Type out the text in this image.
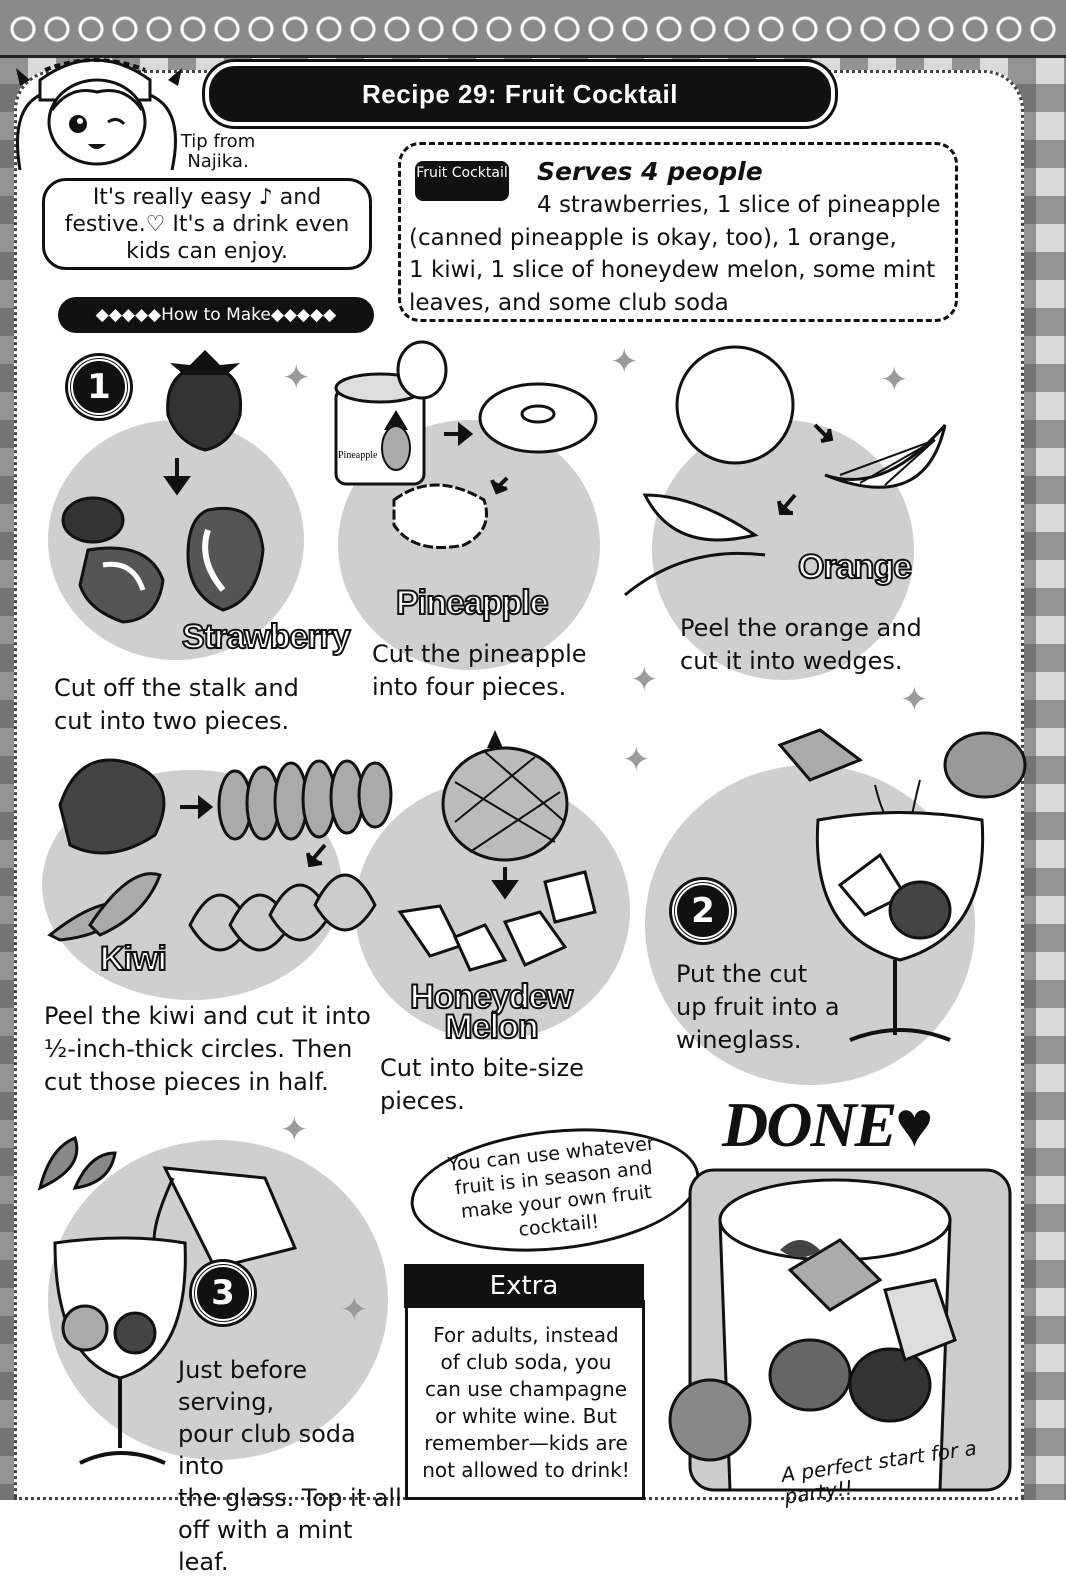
Recipe 29: Fruit Cocktail
Tip from Najika.
It's really easy ♪ and festive.♡ It's a drink even kids can enjoy.
◆◆◆◆◆How to Make◆◆◆◆◆
Fruit Cocktail Serves 4 people
4 strawberries, 1 slice of pineapple
(canned pineapple is okay, too), 1 orange,
1 kiwi, 1 slice of honeydew melon, some mint
leaves, and some club soda
✦	✦	✦
✦	✦
✦
✦
✦
1
Strawberry
Cut off the stalk and
cut into two pieces.
Pineapple
Pineapple
Cut the pineapple
into four pieces.
Orange
Peel the orange and
cut it into wedges.
Kiwi
Peel the kiwi and cut it into
½-inch-thick circles. Then
cut those pieces in half.
Honeydew
Melon
Cut into bite-size
pieces.
2
Put the cut
up fruit into a
wineglass.
3
Just before serving,
pour club soda into
the glass. Top it all
off with a mint leaf.
You can use whatever fruit is in season and make your own fruit cocktail!
DONE♥
Extra
For adults, instead
of club soda, you
can use champagne
or white wine. But
remember—kids are
not allowed to drink!	A perfect start for a party!!
